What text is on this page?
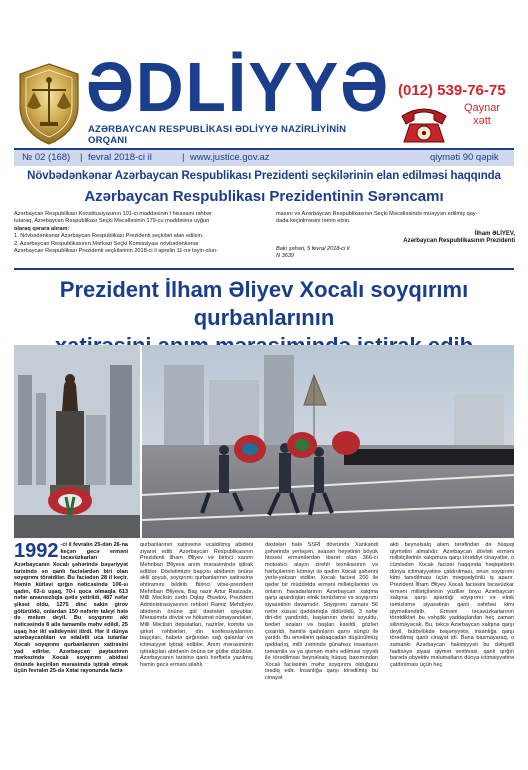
ƏDLİYYƏ
AZƏRBAYCAN RESPUBLİKASI ƏDLİYYƏ NAZİRLİYİNİN ORQANI
(012) 539-76-75
Qaynar
xətt
№ 02 (168) | fevral 2018-ci il	| www.justice.gov.az	qiymətі 90 qəpik
Növbədənkənar Azərbaycan Respublikası Prezidenti seçkilərinin elan edilməsi haqqında
Azərbaycan Respublikası Prezidentinin Sərəncamı
Azərbaycan Respublikası Konstitusiyasının 101-ci maddəsinin I hissəsini rəhbər
tutaraq, Azərbaycan Respublikası Seçki Məcəlləsinin 179-cu maddəsinə uyğun
olaraq qərara alıram:
1. Növbədənkənar Azərbaycan Respublikası Prezidenti seçkiləri elan edilsin.
2. Azərbaycan Respublikasının Mərkəzi Seçki Komissiyası növbədənkənar
Azərbaycan Respublikası Prezidenti seçkilərinin 2018-ci il aprelin 11-nə təyin olun-
masını və Azərbaycan Respublikasının Seçki Məcəlləsində müəyyən edilmiş qay-
dada keçirilməsini təmin etsin.
İlham ƏLİYEV,
Azərbaycan Respublikasının Prezidenti
Bakı şəhəri, 5 fevral 2018-ci il
N 3639
Prezident İlham Əliyev Xocalı soyqırımı qurbanlarının
1992 -ci il fevralın 25-dən 26-na keçən gecə erməni təcavüzkarları Azərbaycanın Xocalı şəhərində bəşəriyyət tarixində ən qanlı faciələrdən biri olan soyqırımı törətdilər. Bu faciədən 28 il keçir. Həmin kütləvi qırğın nəticəsində 106-sı qadın, 63-ü uşaq, 70-i qoca olmaqla 613 nəfər amansızlıqla qətlə yetirildi, 487 nəfər şikəst oldu, 1275 dinc sakin girov götürüldü, onlardan 150 nəfərin taleyi hələ də məlum deyil. Bu soyqırımı akt nəticəsində 8 ailə tamamilə məhv edildi, 25 uşaq hər iki valideynini itirdi. Hər il dünya azərbaycanlıları və ədalətli uca tutanlar Xocalı soyqırımı qurbanlarının xatirəsini yad edirlər. Azərbaycan paytaxtının mərkəzində Xocalı soyqırımı abidəsi önündə keçirilən mərasimdə iştirak etmək üçün fevralın 25-də Xətai rayonunda faciə
qurbanlarının xatirəsinə ucaldılmış abidəni ziyarət edib. Azərbaycan Respublikasının Prezidenti İlham Əliyev və birinci xanım Mehriban Əliyeva anım mərasimində iştirak ediblər. Dövlətimizin başçısı abidənin önünə əklil qoyub, soyqırımı qurbanlarının xatirəsinə ehtiramını bildirib. Birinci vitse-prezident Mehriban Əliyeva, Baş nazir Artur Rasizadə, Milli Məclisin sədri Oqtay Əsədov, Prezident Administrasiyasının rəhbəri Ramiz Mehdiyev abidənin önünə gül dəstələri qoyublar. Mərasimdə dövlət və hökumət nümayəndələri, Milli Məclisin deputatları, nazirlər, komitə və şirkət rəhbərləri, din konfessiyalarının başçıları, habelə qırğından sağ qalanlar və ictimaiyyət iştirak ediblər. Anım mərasiminin iştirakçıları abidənin önünə tər güllər düzüblər. Azərbaycanın tarixinə qanlı hərflərlə yazılmış həmin gecə erməni silahlı
dəstələri hələ SSRİ dövründə Xankəndi şəhərində yerləşən, əsasən heyətinin böyük hissəsi ermənilərdən ibarət olan 366-cı motoatıcı alayın zirehli texnikasının və hərbçilərinin köməyi ilə qədim Xocalı şəhərini yerlə-yeksan etdilər. Xocalı faciəsi 200 ilə qədər bir müddətdə erməni millətçilərinin və onların havadarlarının Azərbaycan xalqına qarşı apardıqları etnik təmizləmə və soyqırımı siyasətinin davamıdır. Soyqırımı zamanı 56 nəfər xüsusi qəddarlıqla öldürüldü, 3 nəfər diri-diri yandırıldı, başlarının dərisi soyuldu, bədən əzaları və başları kəsildi, gözləri çıxarıldı, hamilə qadınların qarnı süngü ilə yarıldı. Bu əməllərin qabaqcadan düşünülmüş qəddarlıq, milli zəmində günahsız insanların təmamilə və ya qismən məhv edilməsi niyyəti ilə törədilməsi beynəlxalq hüquq baxımından Xocalı faciəsinin məhz soyqırımı olduğunu təsdiq edir. İnsanlığa qarşı törədilmiş bu cinayət
akti beynəlxalq aləm tərəfindən də hüquqi qiymətini almalıdır. Azərbaycan dövləti erməni millətçilərinin xalqımıza qarşı törətdiyi cinayətlər, o cümlədən Xocalı faciəsi haqqında həqiqətlərin dünya ictimaiyyətinə çatdırılması, onun soyqırımı kimi tanıdılması üçün məqsədyönlü iş aparır. Prezident İlham Əliyev Xocalı faciəsini təcavüzkar erməni millətçilərinin yüzillər boyu Azərbaycan xalqına qarşı apardığı soyqırımı və etnik təmizləmə siyasətinin qanlı səhifəsi kimi qiymətləndirib. Erməni təcavüzkarlarının törətdikləri bu vəhşilik yaddaşlardan heç zaman silinməyəcək. Bu, təkcə Azərbaycan xalqına qarşı deyil, bütövlükdə bəşəriyyətə, insanlığa qarşı törədilmiş qanlı cinayət idi. Buna baxmayaraq, o zamankı Azərbaycan hakimiyyəti bu dəhşətli hadisəyə siyasi qiymət verilməsi, qanlı qırğın barədə obyektiv məlumatların dünya ictimaiyyətinə çatdırılması üçün heç
